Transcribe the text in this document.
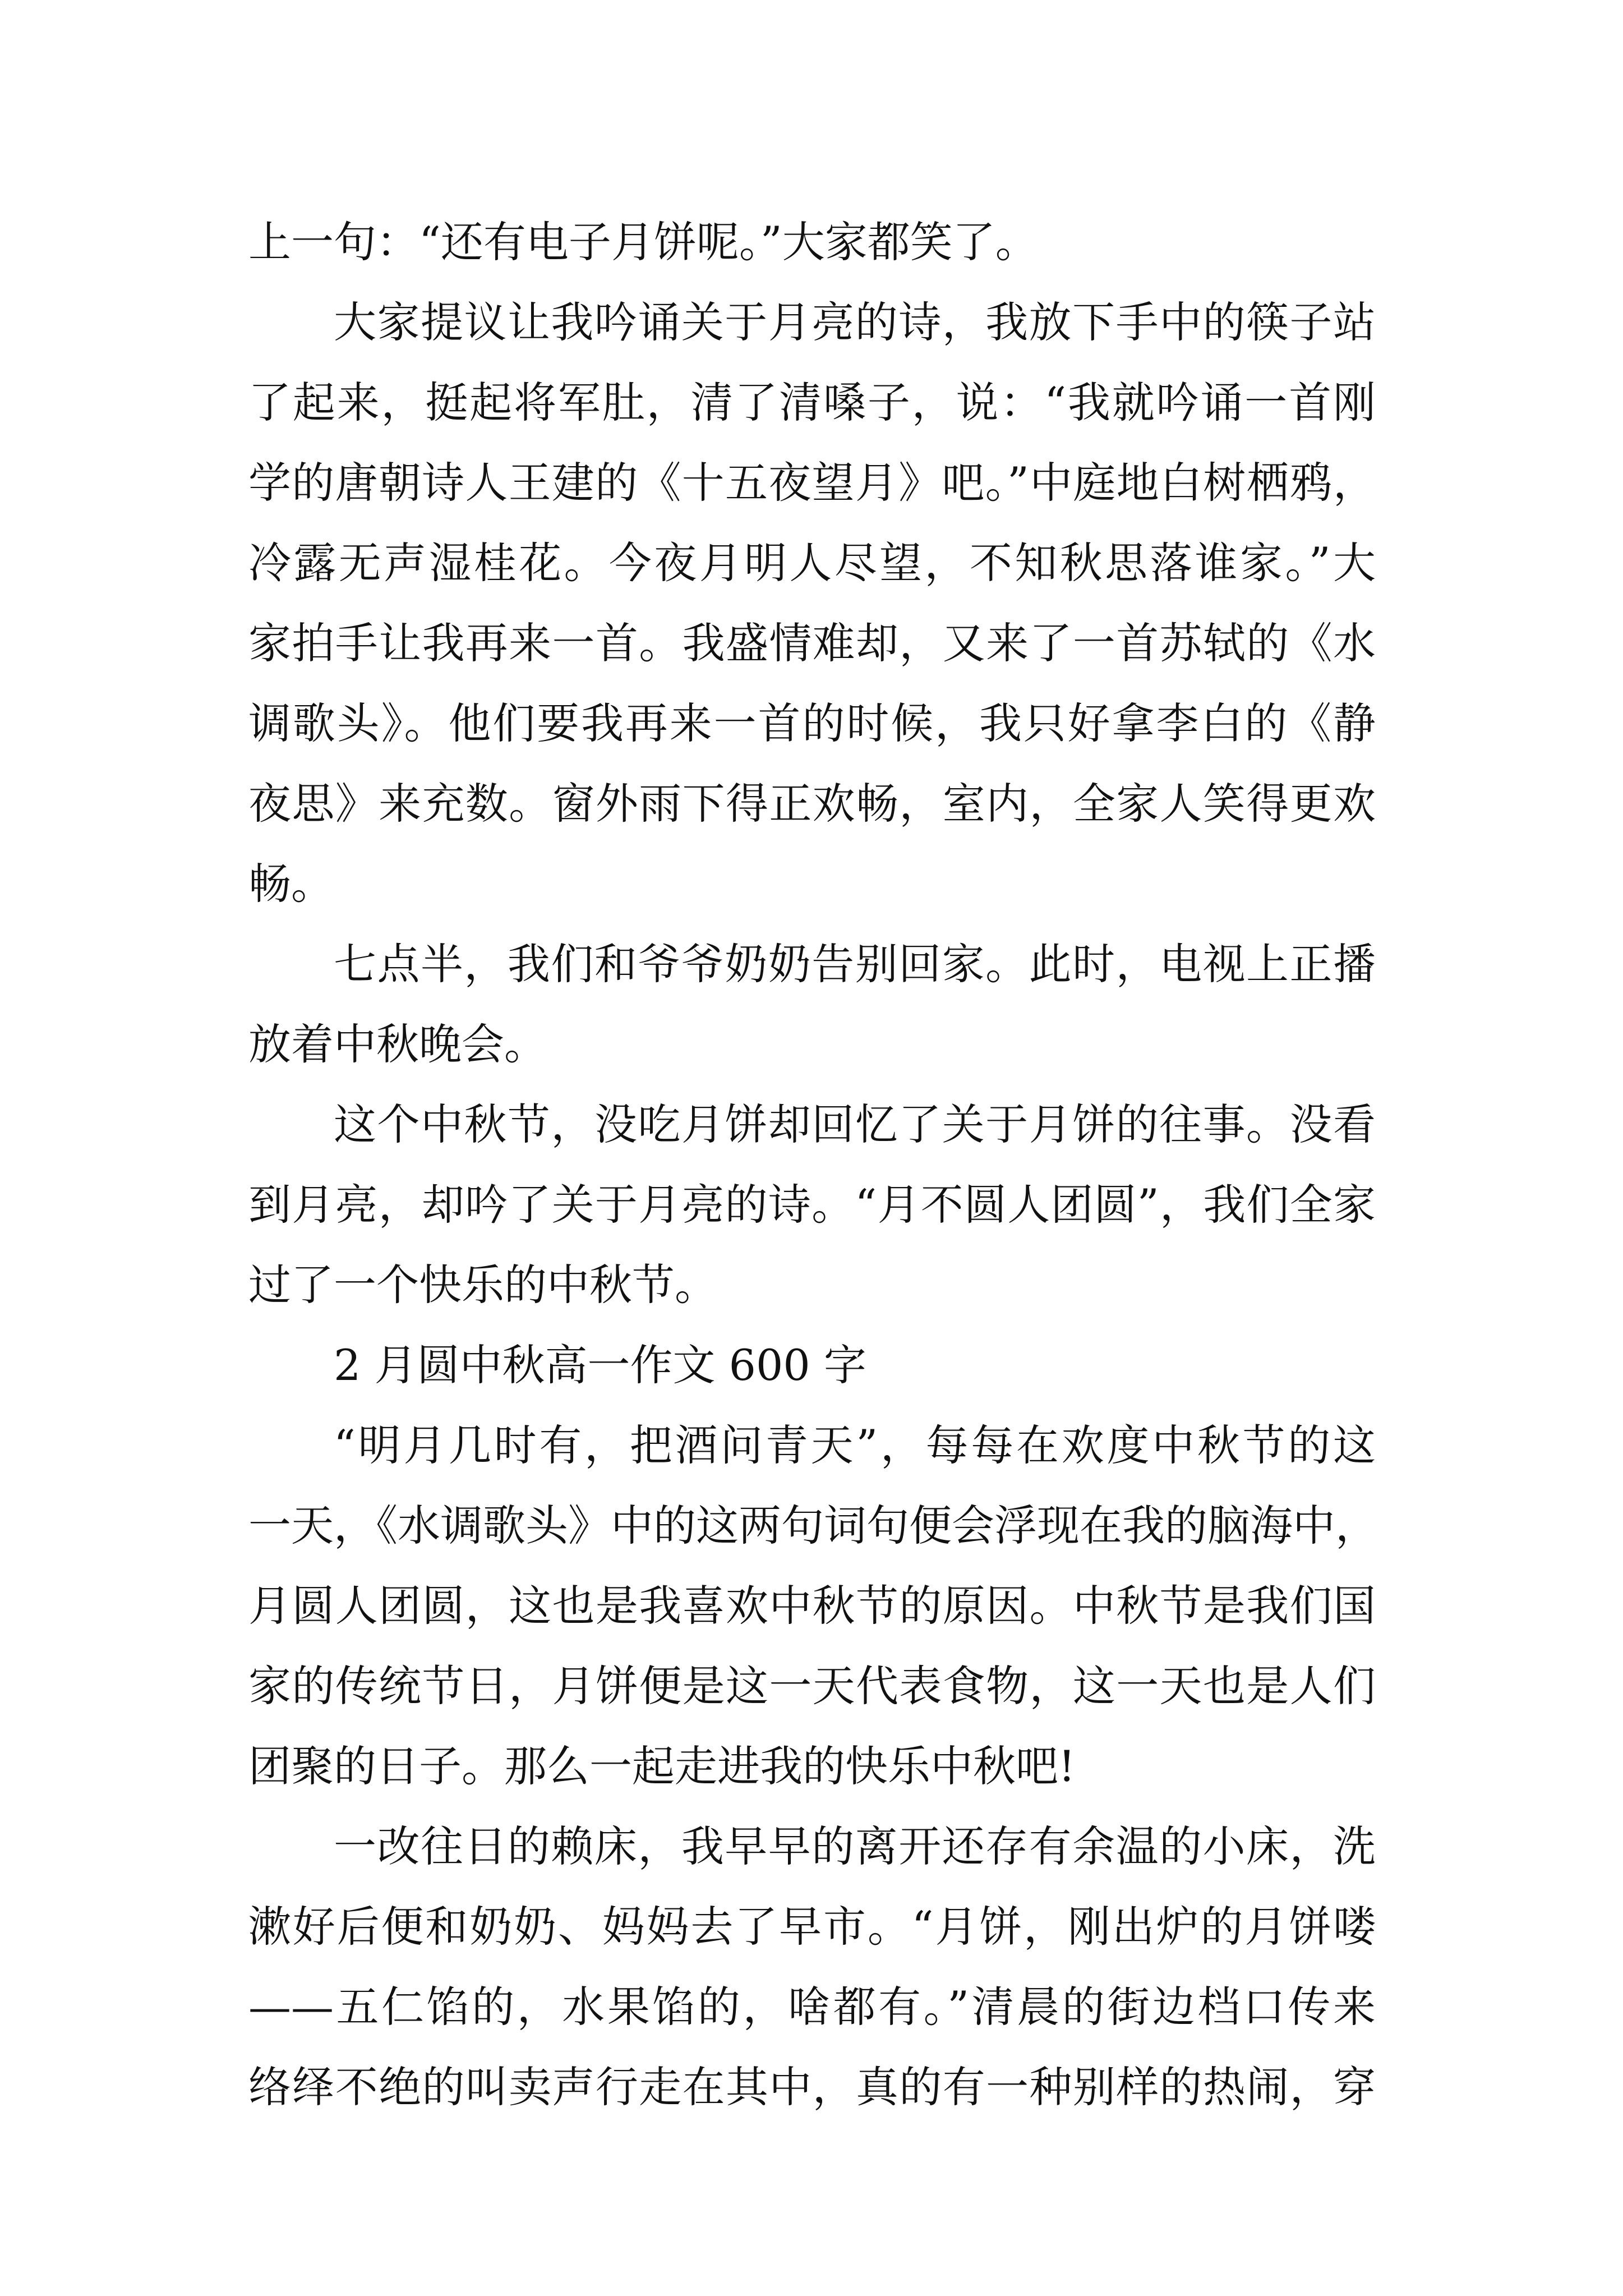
上一句：“还有电子月饼呢。”大家都笑了。
大家提议让我吟诵关于月亮的诗，我放下手中的筷子站
了起来，挺起将军肚，清了清嗓子，说：“我就吟诵一首刚
学的唐朝诗人王建的《十五夜望月》吧。”中庭地白树栖鸦，
冷露无声湿桂花。今夜月明人尽望，不知秋思落谁家。”大
家拍手让我再来一首。我盛情难却，又来了一首苏轼的《水
调歌头》。他们要我再来一首的时候，我只好拿李白的《静
夜思》来充数。窗外雨下得正欢畅，室内，全家人笑得更欢
畅。
七点半，我们和爷爷奶奶告别回家。此时，电视上正播
放着中秋晚会。
这个中秋节，没吃月饼却回忆了关于月饼的往事。没看
到月亮，却吟了关于月亮的诗。“月不圆人团圆”，我们全家
过了一个快乐的中秋节。
2 月圆中秋高一作文 600 字
“明月几时有，把酒问青天”，每每在欢度中秋节的这
一天，《水调歌头》中的这两句词句便会浮现在我的脑海中，
月圆人团圆，这也是我喜欢中秋节的原因。中秋节是我们国
家的传统节日，月饼便是这一天代表食物，这一天也是人们
团聚的日子。那么一起走进我的快乐中秋吧!
一改往日的赖床，我早早的离开还存有余温的小床，洗
漱好后便和奶奶、妈妈去了早市。“月饼，刚出炉的月饼喽
——五仁馅的，水果馅的，啥都有。”清晨的街边档口传来
络绎不绝的叫卖声行走在其中，真的有一种别样的热闹，穿
